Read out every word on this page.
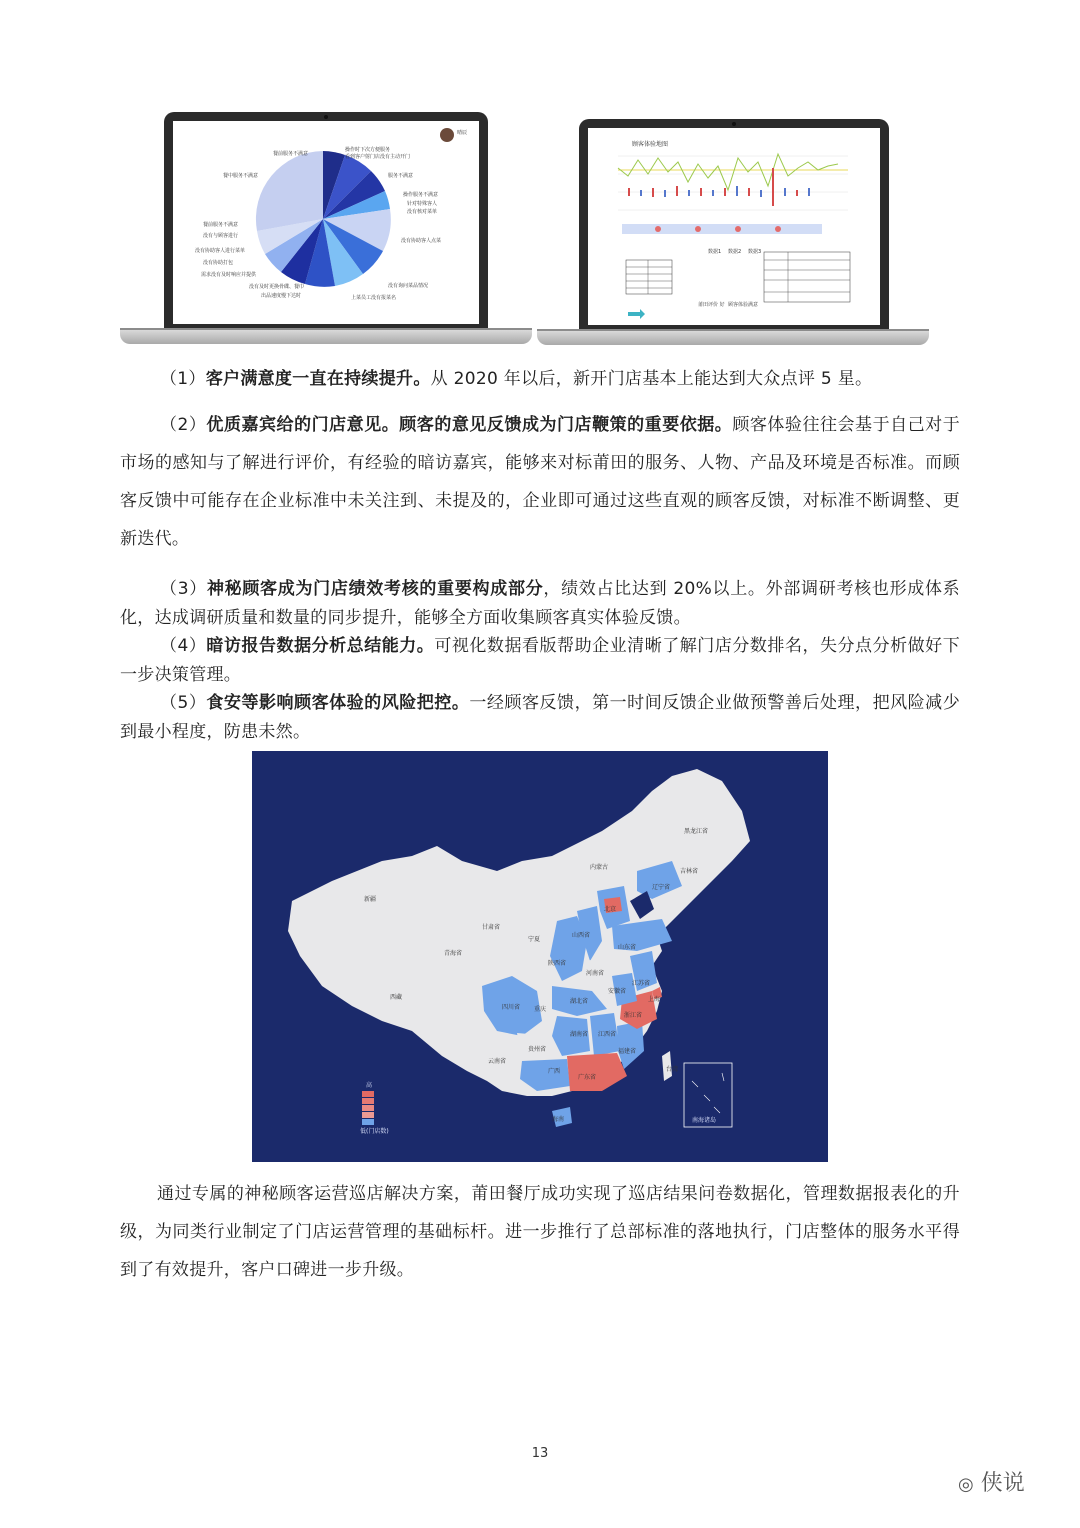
晴辰
餐前服务不满意
操作时下次方便服务
看到客户射门店没有主动开门
餐中服务不满意	服务不满意
操作服务不满意
针对特殊客人
没有核对菜单
餐前服务不满意
没有与顾客进行
没有协助客人点菜
没有协助客人进行菜单
没有协助打包
需求没有及时响应并提供
没有询问菜品情况
没有及时更换骨碟、餐巾
出品速度慢下达时	上菜员工没有报菜名
顾客体验地图
数据1 数据2 数据3
莆田评价 好 顾客体验满意
（1）客户满意度一直在持续提升。从 2020 年以后，新开门店基本上能达到大众点评 5 星。
（2）优质嘉宾给的门店意见。顾客的意见反馈成为门店鞭策的重要依据。顾客体验往往会基于自己对于市场的感知与了解进行评价，有经验的暗访嘉宾，能够来对标莆田的服务、人物、产品及环境是否标准。而顾客反馈中可能存在企业标准中未关注到、未提及的，企业即可通过这些直观的顾客反馈，对标准不断调整、更新迭代。
（3）神秘顾客成为门店绩效考核的重要构成部分，绩效占比达到 20%以上。外部调研考核也形成体系化，达成调研质量和数量的同步提升，能够全方面收集顾客真实体验反馈。
（4）暗访报告数据分析总结能力。可视化数据看版帮助企业清晰了解门店分数排名，失分点分析做好下一步决策管理。
（5）食安等影响顾客体验的风险把控。一经顾客反馈，第一时间反馈企业做预警善后处理，把风险减少到最小程度，防患未然。
黑龙江省
内蒙古
吉林省
辽宁省
新疆
甘肃省
宁夏
山西省
北京
山东省
青海省
陕西省
河南省
江苏省
西藏
四川省
湖北省
安徽省
上海
重庆
浙江省
湖南省 江西省
贵州省	福建省
云南省
广西
广东省
台湾
海南	南海诸岛
高
低(门店数)
通过专属的神秘顾客运营巡店解决方案，莆田餐厅成功实现了巡店结果问卷数据化，管理数据报表化的升级，为同类行业制定了门店运营管理的基础标杆。进一步推行了总部标准的落地执行，门店整体的服务水平得到了有效提升，客户口碑进一步升级。
13
◎ 侠说
